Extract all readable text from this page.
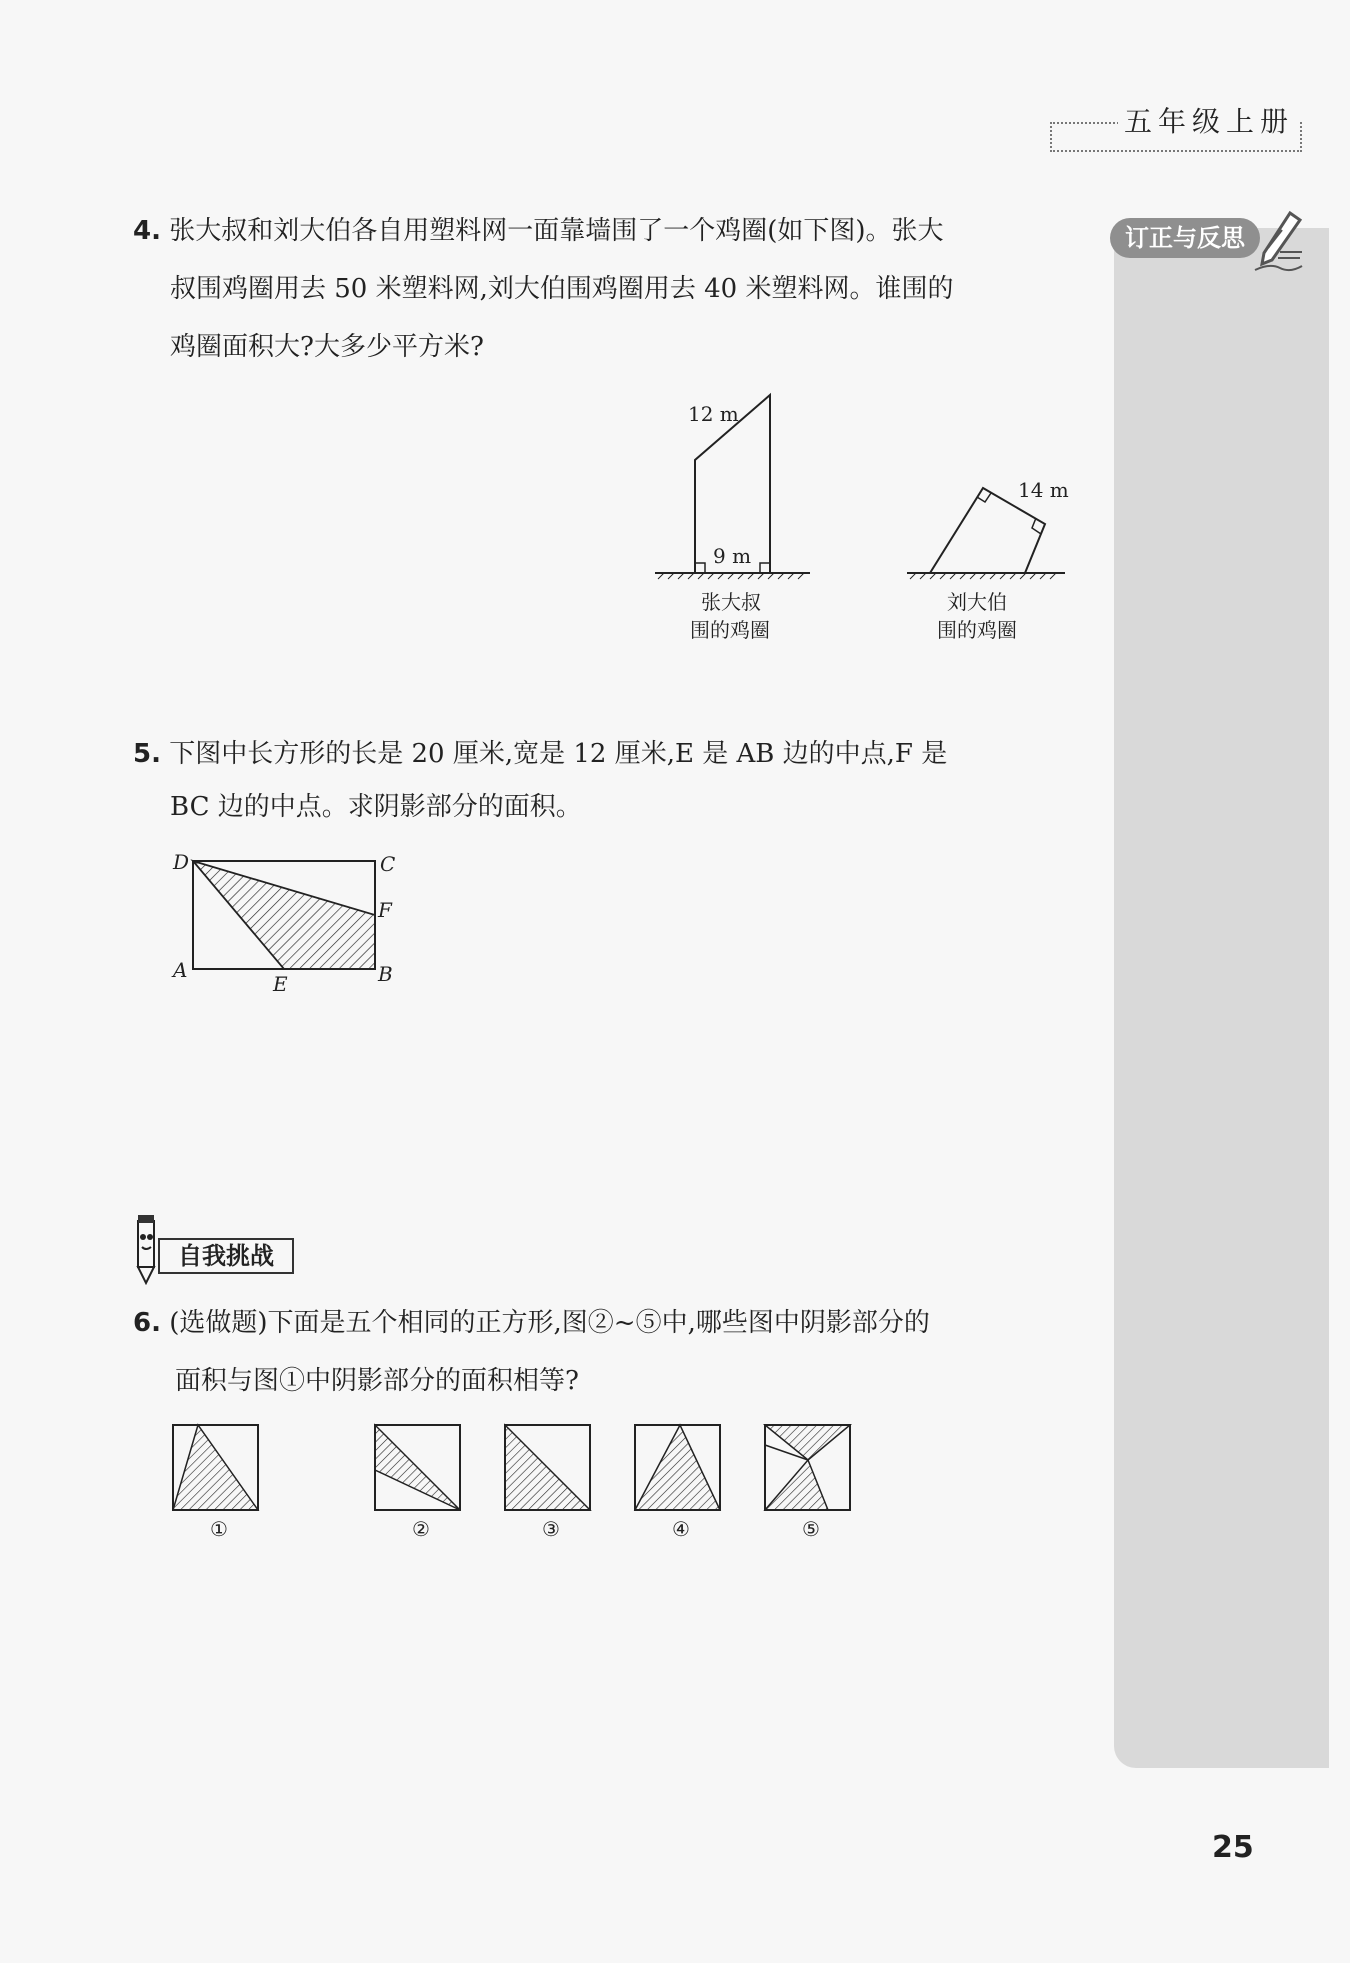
五年级上册
订正与反思
4. 张大叔和刘大伯各自用塑料网一面靠墙围了一个鸡圈(如下图)。张大
叔围鸡圈用去 50 米塑料网,刘大伯围鸡圈用去 40 米塑料网。谁围的
鸡圈面积大?大多少平方米?
12 m
9 m
张大叔
围的鸡圈
14 m
刘大伯
围的鸡圈
5. 下图中长方形的长是 20 厘米,宽是 12 厘米,E 是 AB 边的中点,F 是
BC 边的中点。求阴影部分的面积。
D	C
F
A
E	B
自我挑战
6. (选做题)下面是五个相同的正方形,图②~⑤中,哪些图中阴影部分的
面积与图①中阴影部分的面积相等?
①	②	③	④	⑤
25
